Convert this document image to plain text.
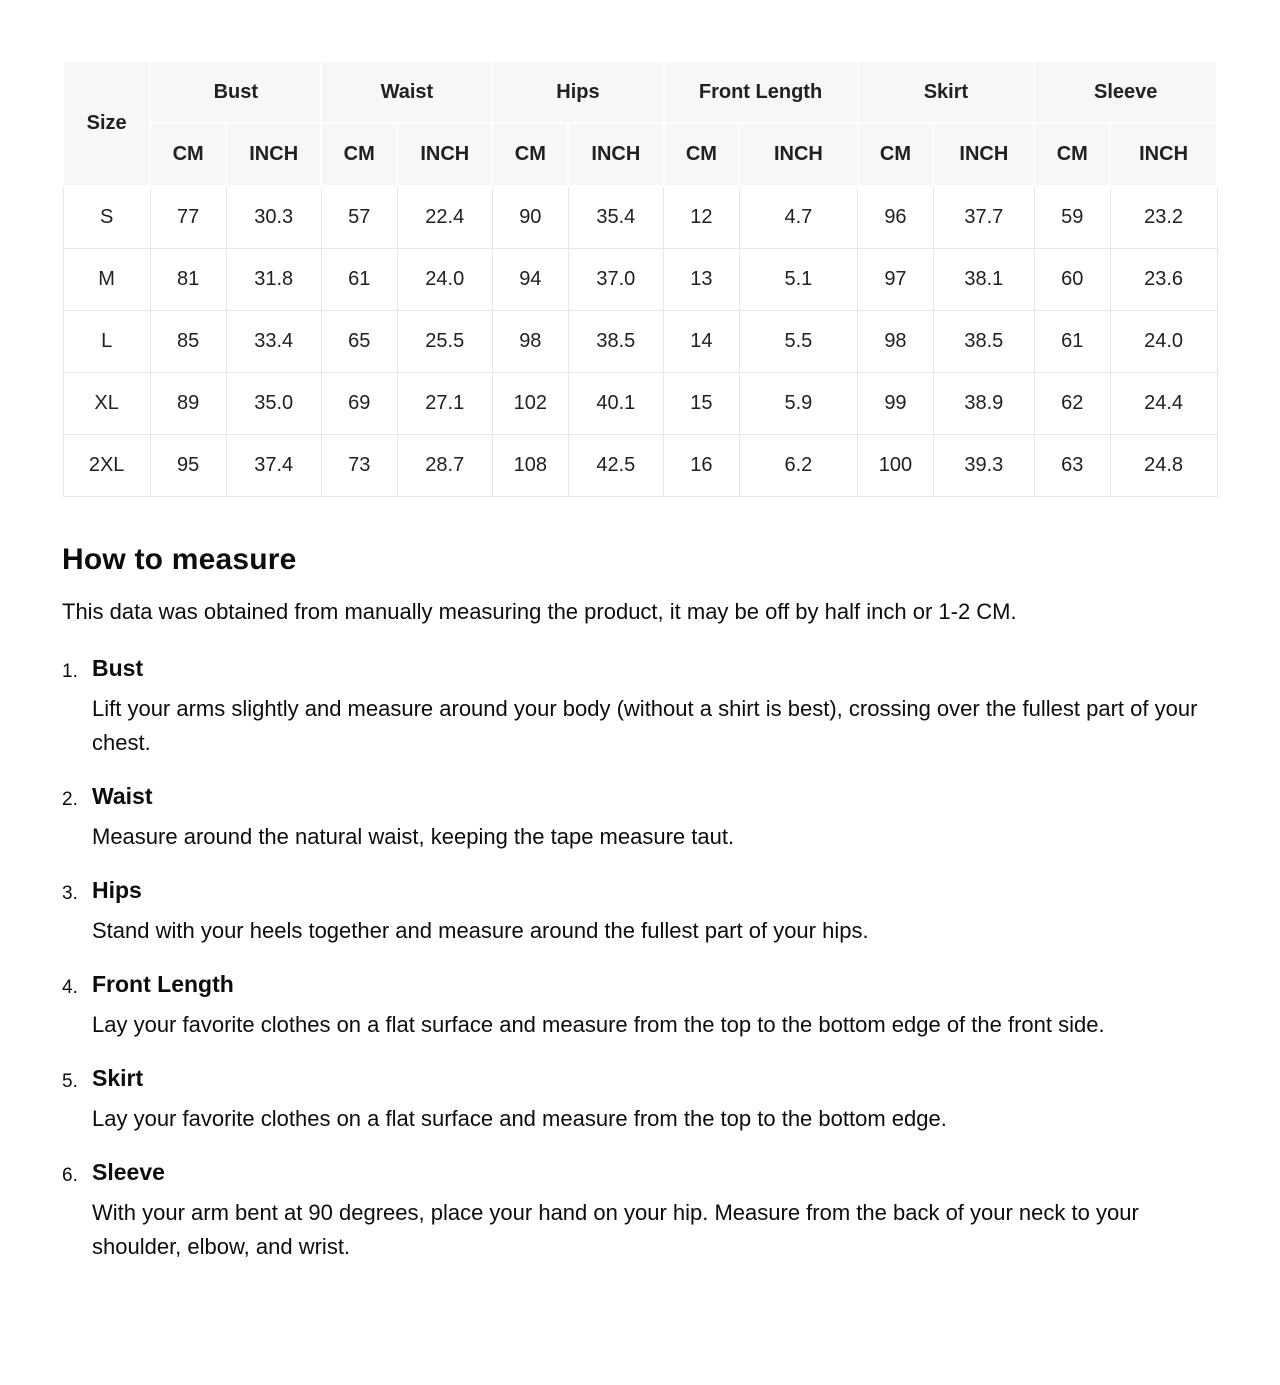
Size	Bust		Waist		Hips		Front Length		Skirt		Sleeve	
	CM	INCH	CM	INCH	CM	INCH	CM	INCH	CM	INCH	CM	INCH
S	77	30.3	57	22.4	90	35.4	12	4.7	96	37.7	59	23.2
M	81	31.8	61	24.0	94	37.0	13	5.1	97	38.1	60	23.6
L	85	33.4	65	25.5	98	38.5	14	5.5	98	38.5	61	24.0
XL	89	35.0	69	27.1	102	40.1	15	5.9	99	38.9	62	24.4
2XL	95	37.4	73	28.7	108	42.5	16	6.2	100	39.3	63	24.8
How to measure

This data was obtained from manually measuring the product, it may be off by half inch or 1-2 CM.

Bust

Lift your arms slightly and measure around your body (without a shirt is best), crossing over the fullest part of your chest.

Waist

Measure around the natural waist, keeping the tape measure taut.

Hips

Stand with your heels together and measure around the fullest part of your hips.

Front Length

Lay your favorite clothes on a flat surface and measure from the top to the bottom edge of the front side.

Skirt

Lay your favorite clothes on a flat surface and measure from the top to the bottom edge.

Sleeve

With your arm bent at 90 degrees, place your hand on your hip. Measure from the back of your neck to your shoulder, elbow, and wrist.
